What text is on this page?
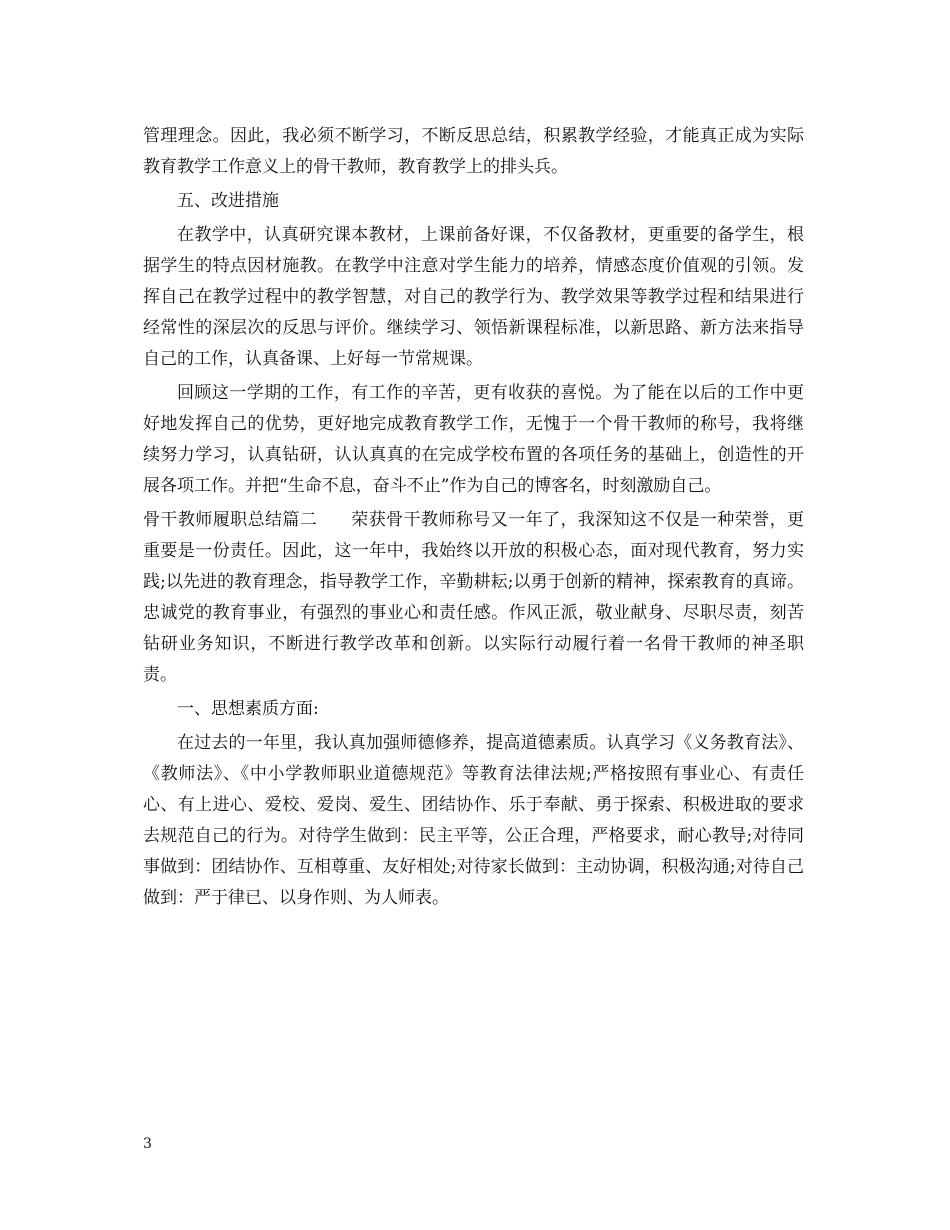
管理理念。因此，我必须不断学习，不断反思总结，积累教学经验，才能真正成为实际教育教学工作意义上的骨干教师，教育教学上的排头兵。

五、改进措施

在教学中，认真研究课本教材，上课前备好课，不仅备教材，更重要的备学生，根据学生的特点因材施教。在教学中注意对学生能力的培养，情感态度价值观的引领。发挥自己在教学过程中的教学智慧，对自己的教学行为、教学效果等教学过程和结果进行经常性的深层次的反思与评价。继续学习、领悟新课程标准，以新思路、新方法来指导自己的工作，认真备课、上好每一节常规课。

回顾这一学期的工作，有工作的辛苦，更有收获的喜悦。为了能在以后的工作中更好地发挥自己的优势，更好地完成教育教学工作，无愧于一个骨干教师的称号，我将继续努力学习，认真钻研，认认真真的在完成学校布置的各项任务的基础上，创造性的开展各项工作。并把“生命不息，奋斗不止”作为自己的博客名，时刻激励自己。

骨干教师履职总结篇二 荣获骨干教师称号又一年了，我深知这不仅是一种荣誉，更重要是一份责任。因此，这一年中，我始终以开放的积极心态，面对现代教育，努力实践;以先进的教育理念，指导教学工作，辛勤耕耘;以勇于创新的精神，探索教育的真谛。忠诚党的教育事业，有强烈的事业心和责任感。作风正派，敬业献身、尽职尽责，刻苦钻研业务知识，不断进行教学改革和创新。以实际行动履行着一名骨干教师的神圣职责。

一、思想素质方面:

在过去的一年里，我认真加强师德修养，提高道德素质。认真学习《义务教育法》、《教师法》、《中小学教师职业道德规范》等教育法律法规;严格按照有事业心、有责任心、有上进心、爱校、爱岗、爱生、团结协作、乐于奉献、勇于探索、积极进取的要求去规范自己的行为。对待学生做到：民主平等，公正合理，严格要求，耐心教导;对待同事做到：团结协作、互相尊重、友好相处;对待家长做到：主动协调，积极沟通;对待自己做到：严于律已、以身作则、为人师表。

3
